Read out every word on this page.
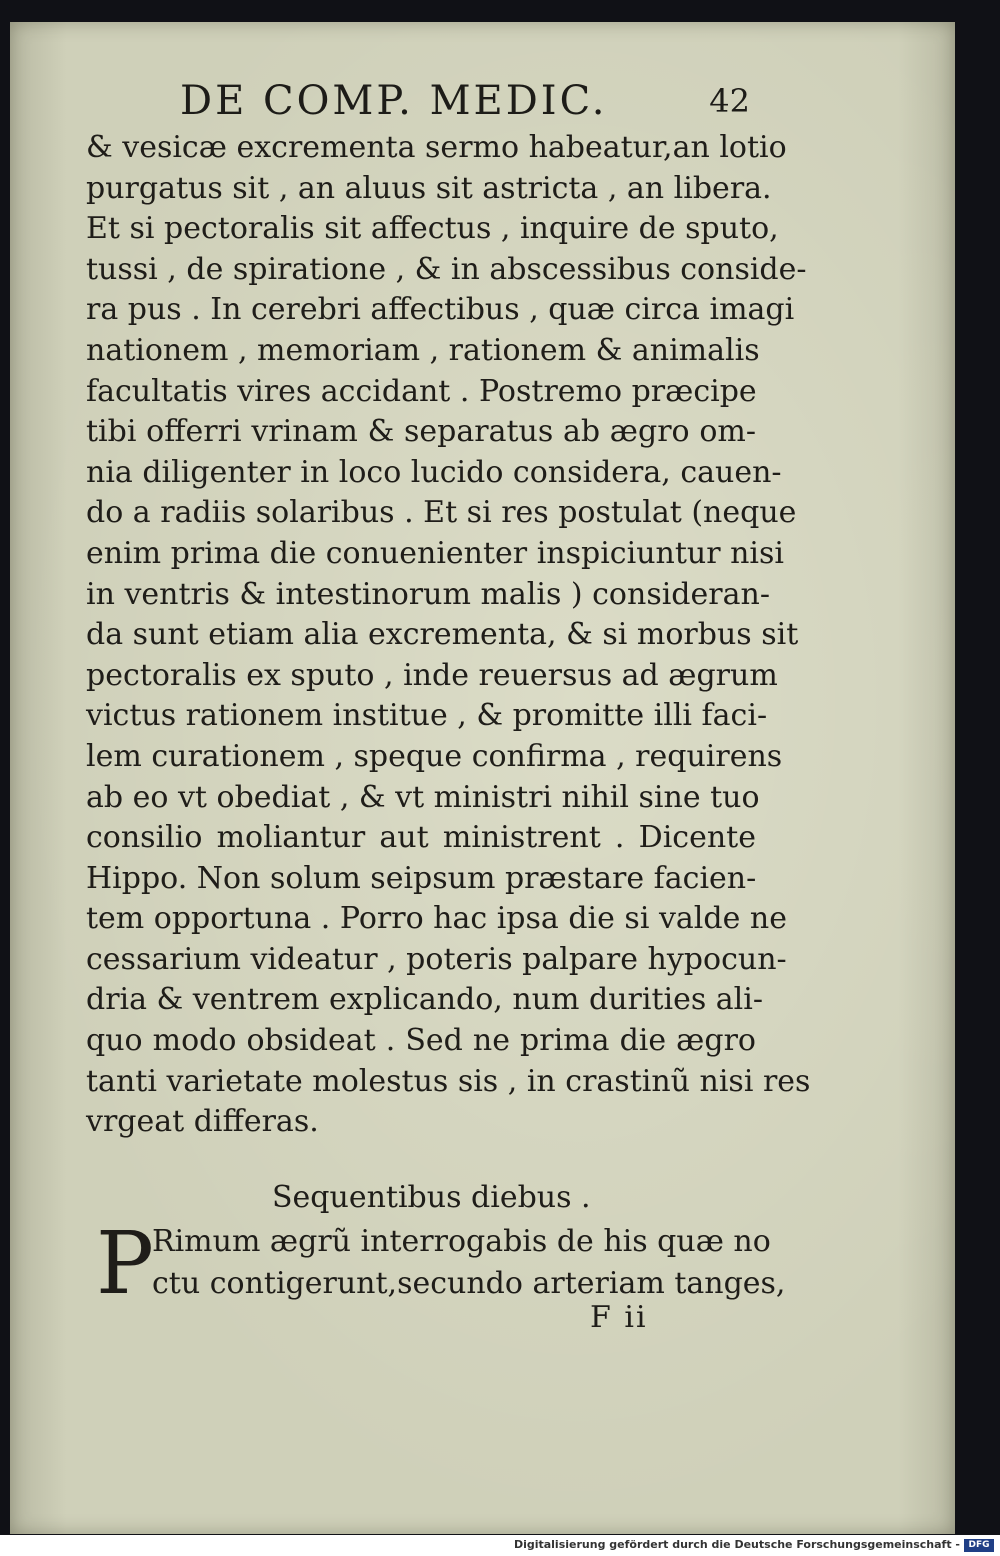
DE COMP. MEDIC.	42
& vesicæ excrementa sermo habeatur,an lotio
purgatus sit , an aluus sit astricta , an libera.
Et si pectoralis sit affectus , inquire de sputo,
tussi , de spiratione , & in abscessibus conside-
ra pus . In cerebri affectibus , quæ circa imagi
nationem , memoriam , rationem & animalis
facultatis vires accidant . Postremo præcipe
tibi offerri vrinam & separatus ab ægro om-
nia diligenter in loco lucido considera, cauen-
do a radiis solaribus . Et si res postulat (neque
enim prima die conuenienter inspiciuntur nisi
in ventris & intestinorum malis ) consideran-
da sunt etiam alia excrementa, & si morbus sit
pectoralis ex sputo , inde reuersus ad ægrum
victus rationem institue , & promitte illi faci-
lem curationem , speque confirma , requirens
ab eo vt obediat , & vt ministri nihil sine tuo
consilio moliantur aut ministrent . Dicente
Hippo. Non solum seipsum præstare facien-
tem opportuna . Porro hac ipsa die si valde ne
cessarium videatur , poteris palpare hypocun-
dria & ventrem explicando, num durities ali-
quo modo obsideat . Sed ne prima die ægro
tanti varietate molestus sis , in crastinũ nisi res
vrgeat differas.
Sequentibus diebus .
P
Rimum ægrũ interrogabis de his quæ no
ctu contigerunt,secundo arteriam tanges,
F ii
Digitalisierung gefördert durch die Deutsche Forschungsgemeinschaft - DFG
